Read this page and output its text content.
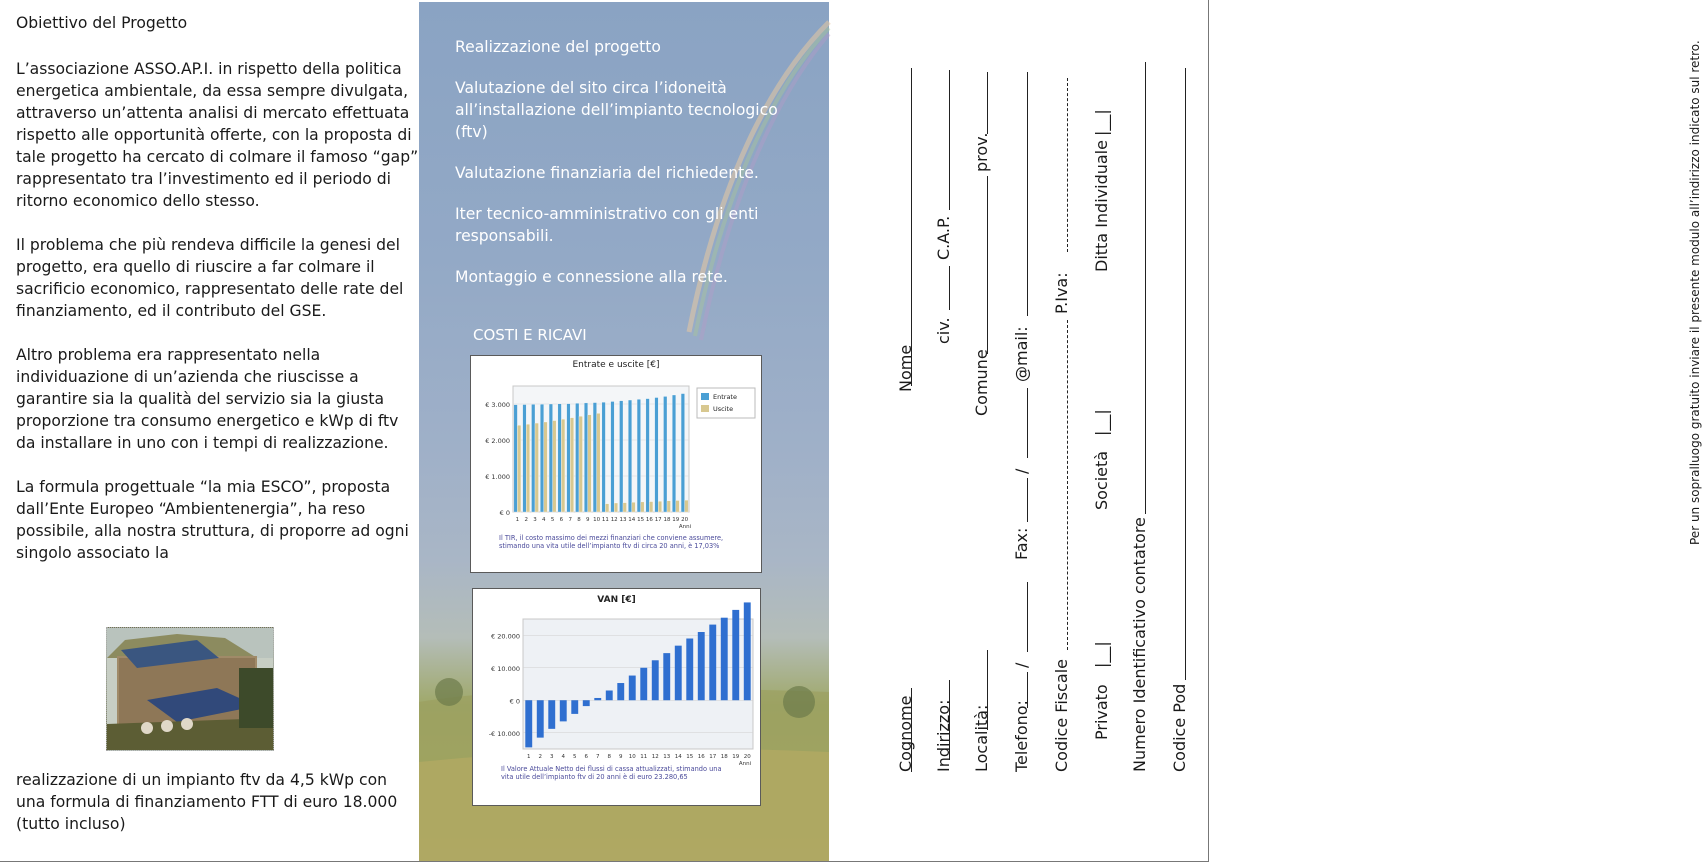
Obiettivo del Progetto

L’associazione ASSO.AP.I. in rispetto della politica energetica ambientale, da essa sempre divulgata, attraverso un’attenta analisi di mercato effettuata rispetto alle opportunità offerte, con la proposta di tale progetto ha cercato di colmare il famoso “gap” rappresentato tra l’investimento ed il periodo di ritorno economico dello stesso.

Il problema che più rendeva difficile la genesi del progetto, era quello di riuscire a far colmare il sacrificio economico, rappresentato delle rate del finanziamento, ed il contributo del GSE.

Altro problema era rappresentato nella individuazione di un’azienda che riuscisse a garantire sia la qualità del servizio sia la giusta proporzione tra consumo energetico e kWp di ftv da installare in uno con i tempi di realizzazione.

La formula progettuale “la mia ESCO”, proposta dall’Ente Europeo “Ambientenergia”, ha reso possibile, alla nostra struttura, di proporre ad ogni singolo associato la

realizzazione di un impianto ftv da 4,5 kWp con una formula di finanziamento FTT di euro 18.000 (tutto incluso)

Realizzazione del progetto

Valutazione del sito circa l’idoneità all’installazione dell’impianto tecnologico (ftv)

Valutazione finanziaria del richiedente.

Iter tecnico-amministrativo con gli enti responsabili.

Montaggio e connessione alla rete.

COSTI E RICAVI
Entrate e uscite [€]
€ 0
€ 1.000
€ 2.000
€ 3.000
1 2 3 4 5 6 7 8 9 10 11 12 13 14 15 16 17 18 19 20
Anni
Entrate
Uscite
Il TIR, il costo massimo dei mezzi finanziari che conviene assumere, stimando una vita utile dell’impianto ftv di circa 20 anni, è 17,03%
VAN [€]
-€ 10.000
€ 0
€ 10.000
€ 20.000
1 2 3 4 5 6 7 8 9 10 11 12 13 14 15 16 17 18 19 20
Anni
Il Valore Attuale Netto dei flussi di cassa attualizzati, stimando una vita utile dell’impianto ftv di 20 anni è di euro 23.280,65
Per un sopralluogo gratuito inviare il presente modulo all’indirizzo indicato sul retro.
Cognome
Nome
Indirizzo:
civ.
C.A.P.
Località:
Comune
prov.
Telefono:
/
Fax:
/
@mail:
Codice Fiscale
P.Iva:
Privato
|__|
Società
|__|
Ditta Individuale
|__|
Numero Identificativo contatore Codice Pod
